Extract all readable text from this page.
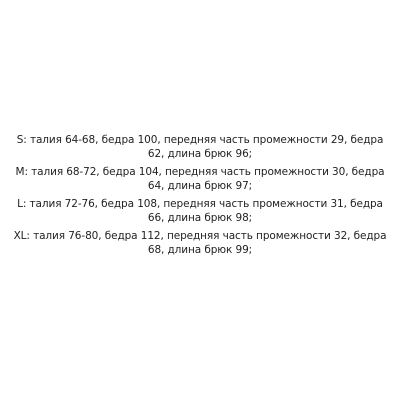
S: талия 64-68, бедра 100, передняя часть промежности 29, бедра 62, длина брюк 96;

M: талия 68-72, бедра 104, передняя часть промежности 30, бедра 64, длина брюк 97;

L: талия 72-76, бедра 108, передняя часть промежности 31, бедра 66, длина брюк 98;

XL: талия 76-80, бедра 112, передняя часть промежности 32, бедра 68, длина брюк 99;
